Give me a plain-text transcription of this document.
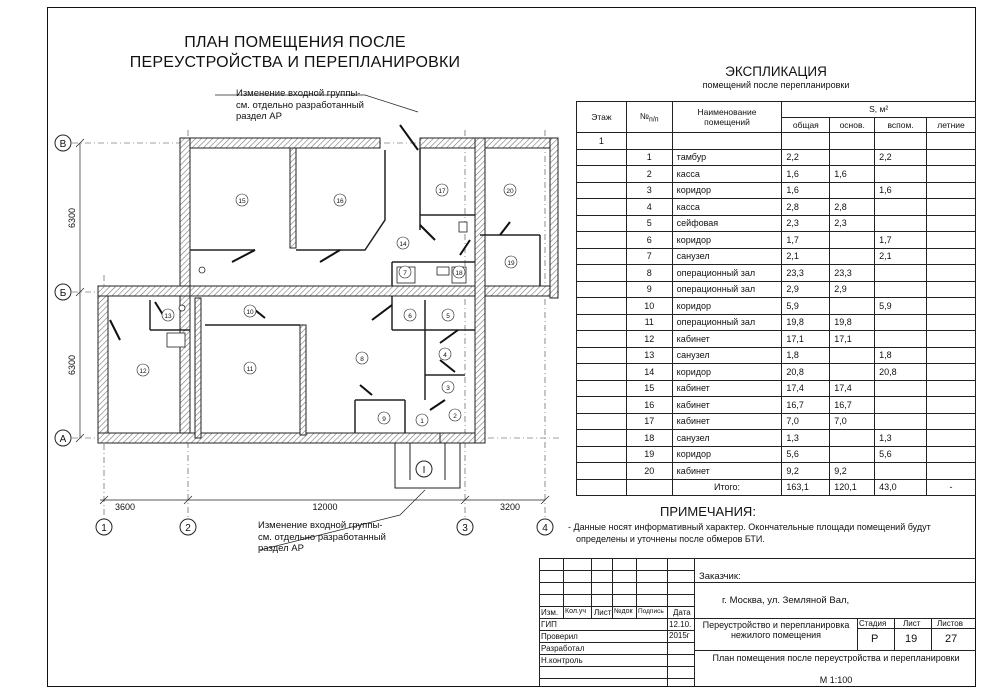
ПЛАН ПОМЕЩЕНИЯ ПОСЛЕ
ПЕРЕУСТРОЙСТВА И ПЕРЕПЛАНИРОВКИ
В
Б
А
1	2	3	4
I
3600	12000	3200
6300
6300
1
2
3
4
5
6
7
8
9
10
11
12
13
14
15	16
17
18
19
20
Изменение входной группы-
см. отдельно разработанный
раздел АР
Изменение входной группы-
см. отдельно разработанный
раздел АР
ЭКСПЛИКАЦИЯ
помещений после перепланировки
Этаж	$№_{п/п}$	Наименование помещений	S, м²			
			общая	основ.	вспом.	летние
1						
	1	тамбур	2,2		2,2	
	2	касса	1,6	1,6		
	3	коридор	1,6		1,6	
	4	касса	2,8	2,8		
	5	сейфовая	2,3	2,3		
	6	коридор	1,7		1,7	
	7	санузел	2,1		2,1	
	8	операционный зал	23,3	23,3		
	9	операционный зал	2,9	2,9		
	10	коридор	5,9		5,9	
	11	операционный зал	19,8	19,8		
	12	кабинет	17,1	17,1		
	13	санузел	1,8		1,8	
	14	коридор	20,8		20,8	
	15	кабинет	17,4	17,4		
	16	кабинет	16,7	16,7		
	17	кабинет	7,0	7,0		
	18	санузел	1,3		1,3	
	19	коридор	5,6		5,6	
	20	кабинет	9,2	9,2		
		Итого:	163,1	120,1	43,0	-
ПРИМЕЧАНИЯ:
- Данные носят информативный характер. Окончательные площади помещений будут
определены и уточнены после обмеров БТИ.
Изм. Кол.уч Лист №док Подпись Дата
ГИП
Проверил
Разработал
Н.контроль
12.10.
2015г
Заказчик:
г. Москва, ул. Земляной Вал,
Переустройство и перепланировка нежилого помещения
Стадия Лист Листов
Р 19	27
План помещения после переустройства и перепланировки
М 1:100
